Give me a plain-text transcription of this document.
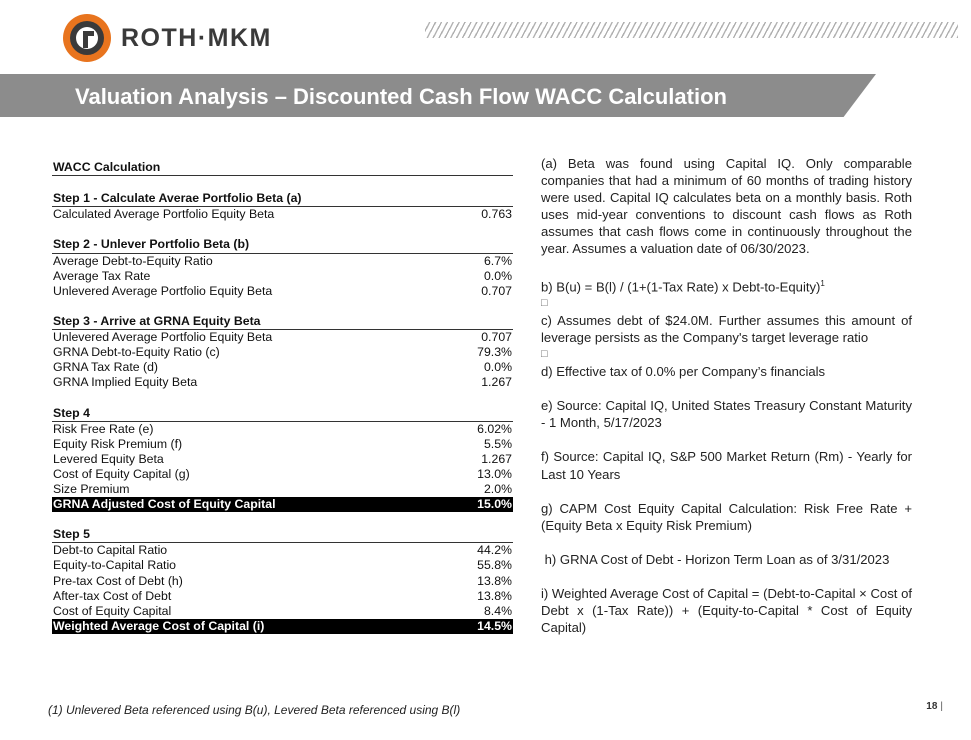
ROTH·MKM
Valuation Analysis – Discounted Cash Flow WACC Calculation
WACC Calculation
Step 1 - Calculate Averae Portfolio Beta (a)
Calculated Average Portfolio Equity Beta	0.763
Step 2 - Unlever Portfolio Beta (b)
Average Debt-to-Equity Ratio	6.7%
Average Tax Rate	0.0%
Unlevered Average Portfolio Equity Beta	0.707
Step 3 - Arrive at GRNA Equity Beta
Unlevered Average Portfolio Equity Beta	0.707
GRNA Debt-to-Equity Ratio (c)	79.3%
GRNA Tax Rate (d)	0.0%
GRNA Implied Equity Beta	1.267
Step 4
Risk Free Rate (e)	6.02%
Equity Risk Premium (f)	5.5%
Levered Equity Beta	1.267
Cost of Equity Capital (g)	13.0%
Size Premium	2.0%
GRNA Adjusted Cost of Equity Capital	15.0%
Step 5
Debt-to Capital Ratio	44.2%
Equity-to-Capital Ratio	55.8%
Pre-tax Cost of Debt (h)	13.8%
After-tax Cost of Debt	13.8%
Cost of Equity Capital	8.4%
Weighted Average Cost of Capital (i)	14.5%

(a) Beta was found using Capital IQ. Only comparable companies that had a minimum of 60 months of trading history were used. Capital IQ calculates beta on a monthly basis. Roth uses mid-year conventions to discount cash flows as Roth assumes that cash flows come in continuously throughout the year. Assumes a valuation date of 06/30/2023.

b) B(u) = B(l) / (1+(1-Tax Rate) x Debt-to-Equity)$^1$

□

c) Assumes debt of $24.0M. Further assumes this amount of leverage persists as the Company's target leverage ratio

□

d) Effective tax of 0.0% per Company’s financials

e) Source: Capital IQ, United States Treasury Constant Maturity - 1 Month, 5/17/2023

f) Source: Capital IQ, S&P 500 Market Return (Rm) - Yearly for Last 10 Years

g) CAPM Cost Equity Capital Calculation: Risk Free Rate + (Equity Beta x Equity Risk Premium)

h) GRNA Cost of Debt - Horizon Term Loan as of 3/31/2023

i) Weighted Average Cost of Capital = (Debt-to-Capital × Cost of Debt x (1-Tax Rate)) + (Equity-to-Capital * Cost of Equity Capital)

(1) Unlevered Beta referenced using B(u), Levered Beta referenced using B(l)	18 |
